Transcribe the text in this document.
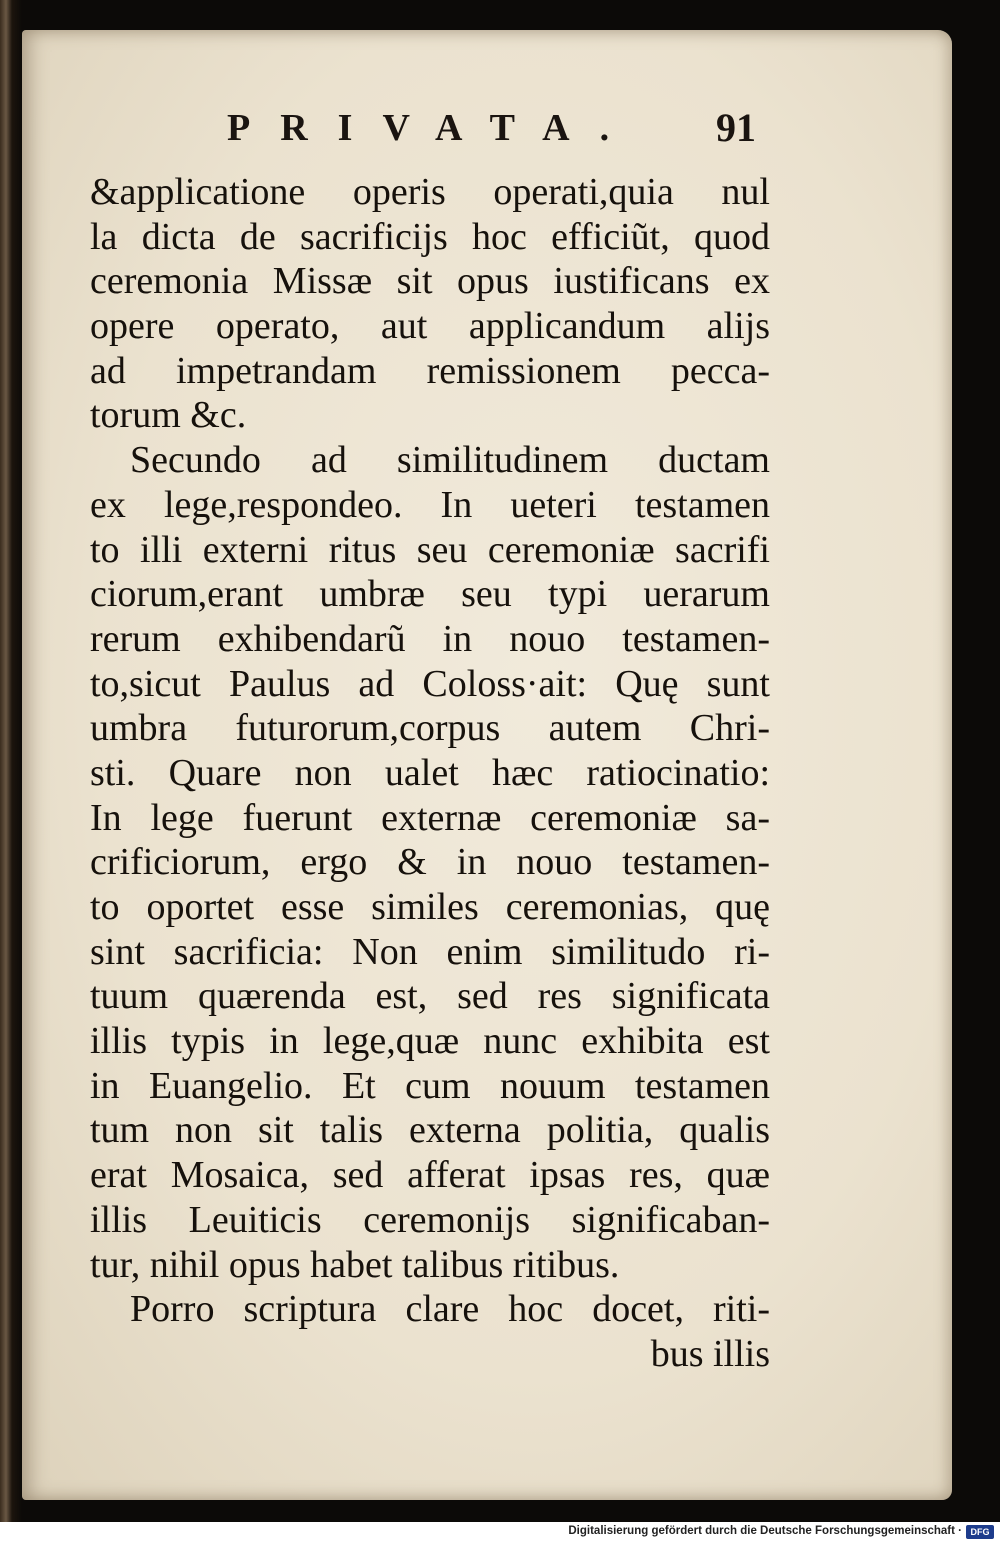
PRIVATA. 91
&applicatione operis operati,quia nul
la dicta de sacrificijs hoc efficiũt, quod
ceremonia Missæ sit opus iustificans ex
opere operato, aut applicandum alijs
ad impetrandam remissionem pecca-
torum &c.
Secundo ad similitudinem ductam
ex lege,respondeo. In ueteri testamen
to illi externi ritus seu ceremoniæ sacrifi
ciorum,erant umbræ seu typi uerarum
rerum exhibendarũ in nouo testamen-
to,sicut Paulus ad Coloss·ait: Quę sunt
umbra futurorum,corpus autem Chri-
sti. Quare non ualet hæc ratiocinatio:
In lege fuerunt externæ ceremoniæ sa-
crificiorum, ergo & in nouo testamen-
to oportet esse similes ceremonias, quę
sint sacrificia: Non enim similitudo ri-
tuum quærenda est, sed res significata
illis typis in lege,quæ nunc exhibita est
in Euangelio. Et cum nouum testamen
tum non sit talis externa politia, qualis
erat Mosaica, sed afferat ipsas res, quæ
illis Leuiticis ceremonijs significaban-
tur, nihil opus habet talibus ritibus.
Porro scriptura clare hoc docet, riti-
bus illis
Digitalisierung gefördert durch die Deutsche Forschungsgemeinschaft · DFG
